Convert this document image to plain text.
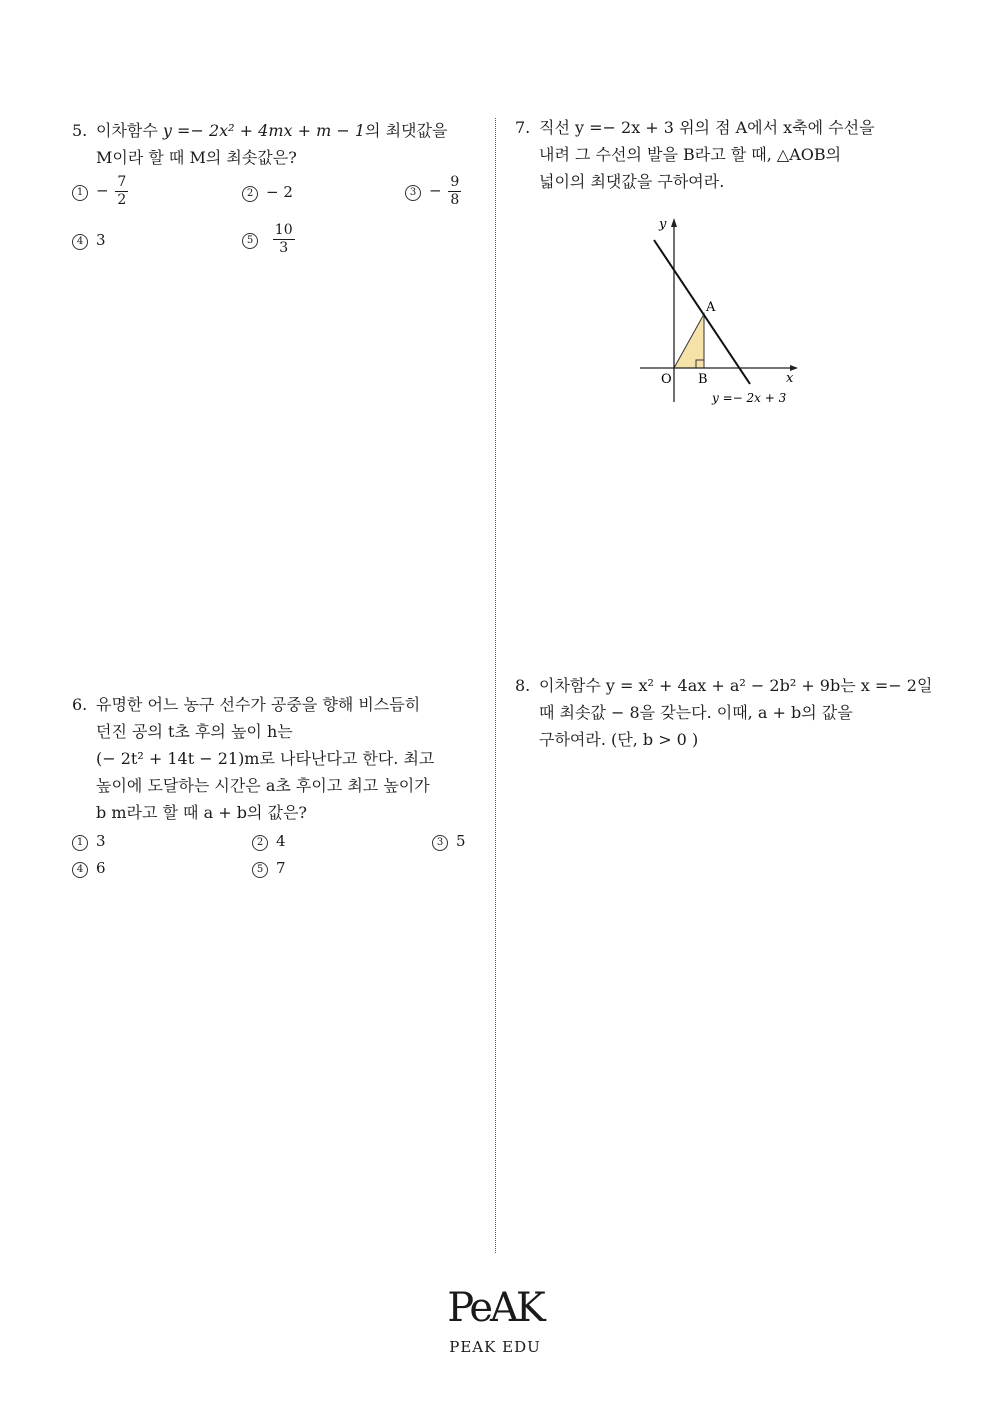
5. 이차함수 y =− 2x² + 4mx + m − 1의 최댓값을
M이라 할 때 M의 최솟값은?
$1 - \frac{7}{2}$	2 − 2	$3 - \frac{9}{8}$
4 3	$5 \frac{10}{3}$
6. 유명한 어느 농구 선수가 공중을 향해 비스듬히
던진 공의 t초 후의 높이 h는
(− 2t² + 14t − 21)m로 나타난다고 한다. 최고
높이에 도달하는 시간은 a초 후이고 최고 높이가
b m라고 할 때 a + b의 값은?
1 3	2 4	3 5
4 6	5 7
7. 직선 y =− 2x + 3 위의 점 A에서 x축에 수선을
내려 그 수선의 발을 B라고 할 때, △AOB의
넓이의 최댓값을 구하여라.
y
x
O
A
B
y =− 2x + 3
8. 이차함수 y = x² + 4ax + a² − 2b² + 9b는 x =− 2일
때 최솟값 − 8을 갖는다. 이때, a + b의 값을
구하여라. (단, b > 0 )
PeAK
PEAK EDU
